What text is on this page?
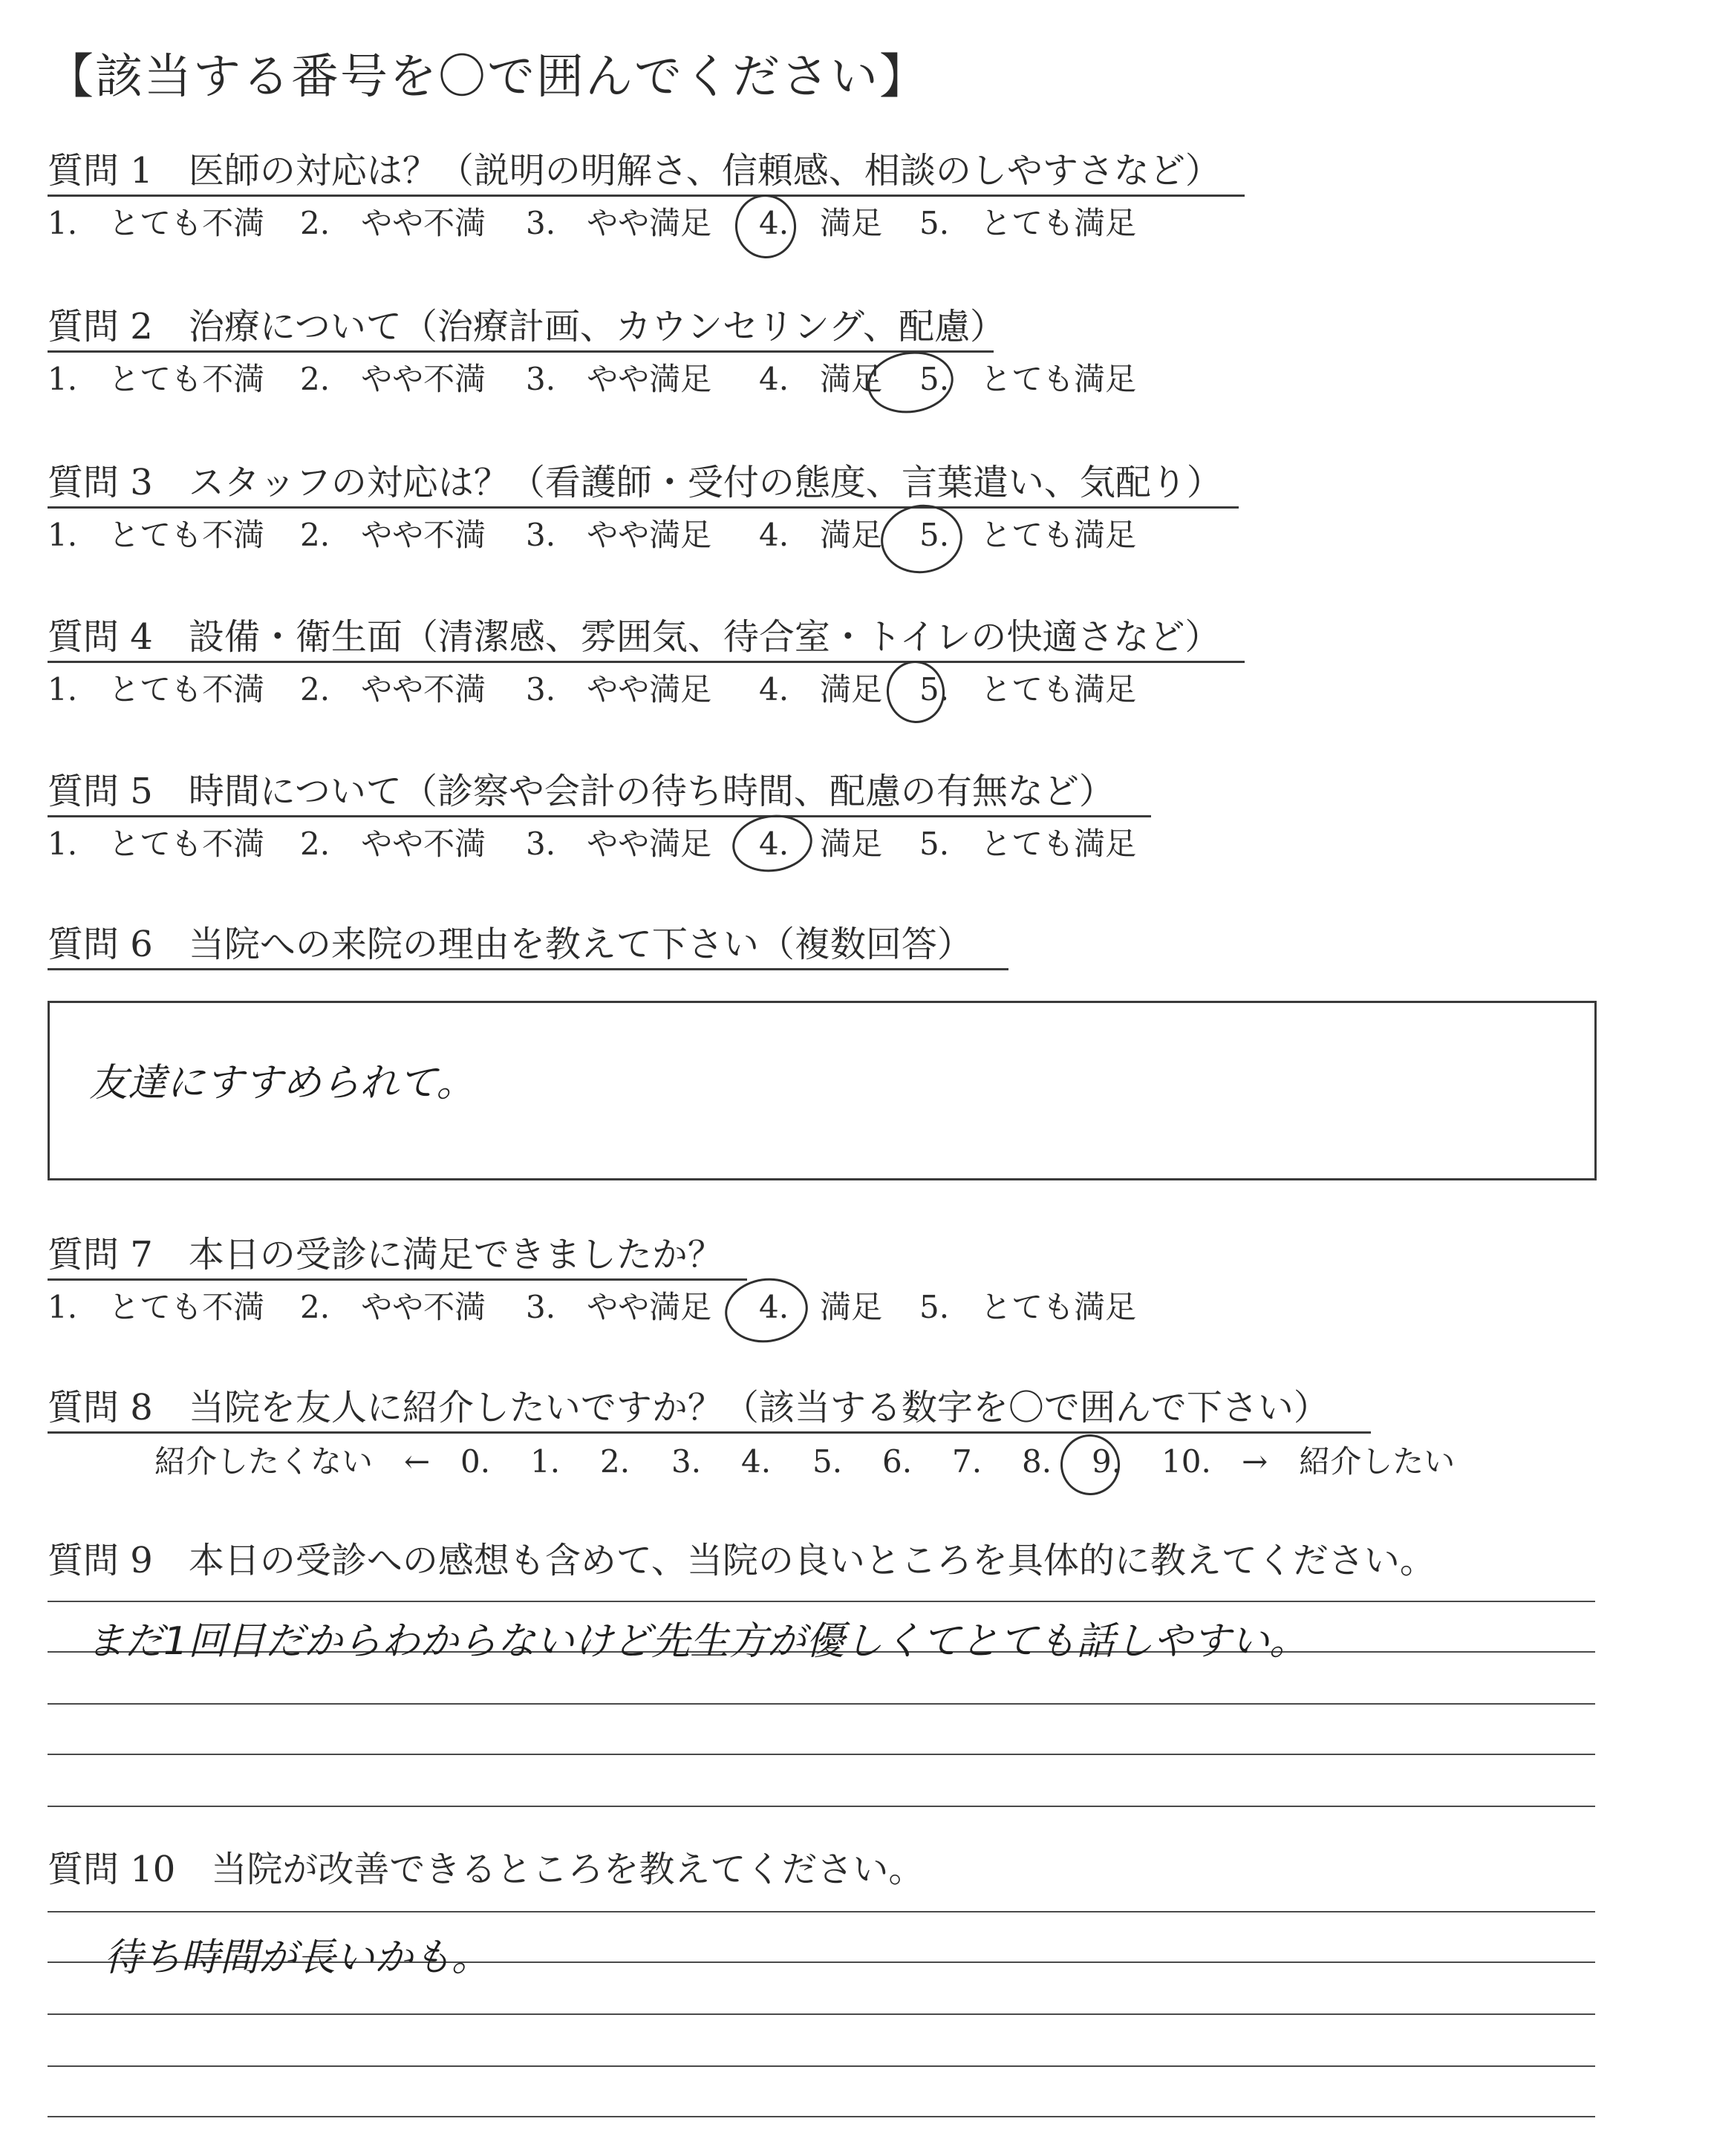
【該当する番号を〇で囲んでください】
質問 1 医師の対応は？（説明の明解さ、信頼感、相談のしやすさなど）
1.　とても不満 2.　やや不満 3.　やや満足 4.　満足 5.　とても満足
質問 2 治療について（治療計画、カウンセリング、配慮）
1.　とても不満 2.　やや不満 3.　やや満足 4.　満足 5.　とても満足
質問 3 スタッフの対応は？（看護師・受付の態度、言葉遣い、気配り）
1.　とても不満 2.　やや不満 3.　やや満足 4.　満足 5.　とても満足
質問 4 設備・衛生面（清潔感、雰囲気、待合室・トイレの快適さなど）
1.　とても不満 2.　やや不満 3.　やや満足 4.　満足 5.　とても満足
質問 5 時間について（診察や会計の待ち時間、配慮の有無など）
1.　とても不満 2.　やや不満 3.　やや満足 4.　満足 5.　とても満足
質問 6 当院への来院の理由を教えて下さい（複数回答）
友達にすすめられて。
質問 7 本日の受診に満足できましたか？
1.　とても不満 2.　やや不満 3.　やや満足 4.　満足 5.　とても満足
質問 8 当院を友人に紹介したいですか？（該当する数字を〇で囲んで下さい）
紹介したくない　← 0. 1. 2. 3. 4. 5. 6. 7. 8. 9. 10. →　紹介したい
質問 9 本日の受診への感想も含めて、当院の良いところを具体的に教えてください。
まだ1回目だからわからないけど先生方が優しくてとても話しやすい。
質問 10 当院が改善できるところを教えてください。
待ち時間が長いかも。
